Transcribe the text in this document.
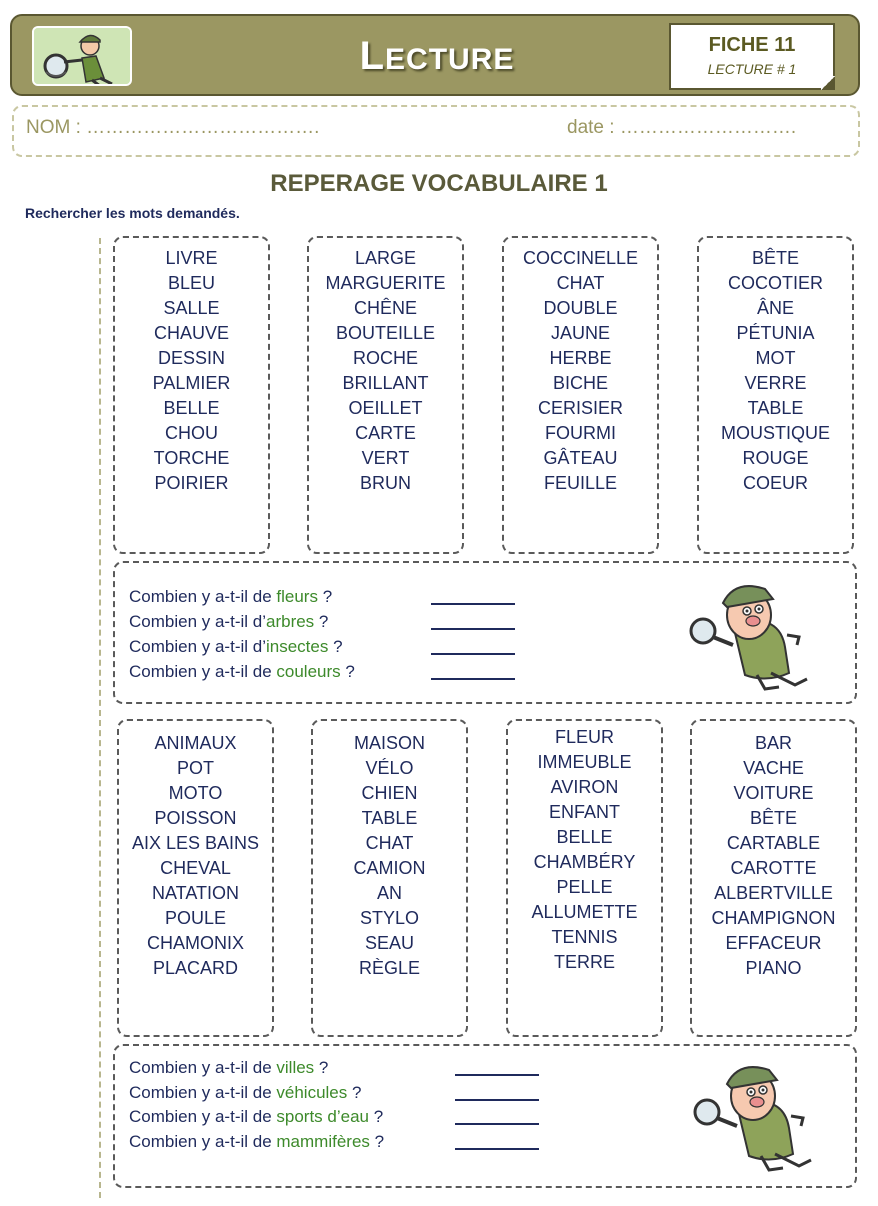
LECTURE	FICHE 11
LECTURE # 1
NOM : ……………………………….	date : ……………………….
REPERAGE VOCABULAIRE 1
Rechercher les mots demandés.
LIVRE
BLEU
SALLE
CHAUVE
DESSIN
PALMIER
BELLE
CHOU
TORCHE
POIRIER
LARGE
MARGUERITE
CHÊNE
BOUTEILLE
ROCHE
BRILLANT
OEILLET
CARTE
VERT
BRUN
COCCINELLE
CHAT
DOUBLE
JAUNE
HERBE
BICHE
CERISIER
FOURMI
GÂTEAU
FEUILLE
BÊTE
COCOTIER
ÂNE
PÉTUNIA
MOT
VERRE
TABLE
MOUSTIQUE
ROUGE
COEUR
Combien y a-t-il de fleurs ?
Combien y a-t-il d’arbres ?
Combien y a-t-il d’insectes ?
Combien y a-t-il de couleurs ?
ANIMAUX
POT
MOTO
POISSON
AIX LES BAINS
CHEVAL
NATATION
POULE
CHAMONIX
PLACARD
MAISON
VÉLO
CHIEN
TABLE
CHAT
CAMION
AN
STYLO
SEAU
RÈGLE
FLEUR
IMMEUBLE
AVIRON
ENFANT
BELLE
CHAMBÉRY
PELLE
ALLUMETTE
TENNIS
TERRE
BAR
VACHE
VOITURE
BÊTE
CARTABLE
CAROTTE
ALBERTVILLE
CHAMPIGNON
EFFACEUR
PIANO
Combien y a-t-il de villes ?
Combien y a-t-il de véhicules ?
Combien y a-t-il de sports d’eau ?
Combien y a-t-il de mammifères ?
